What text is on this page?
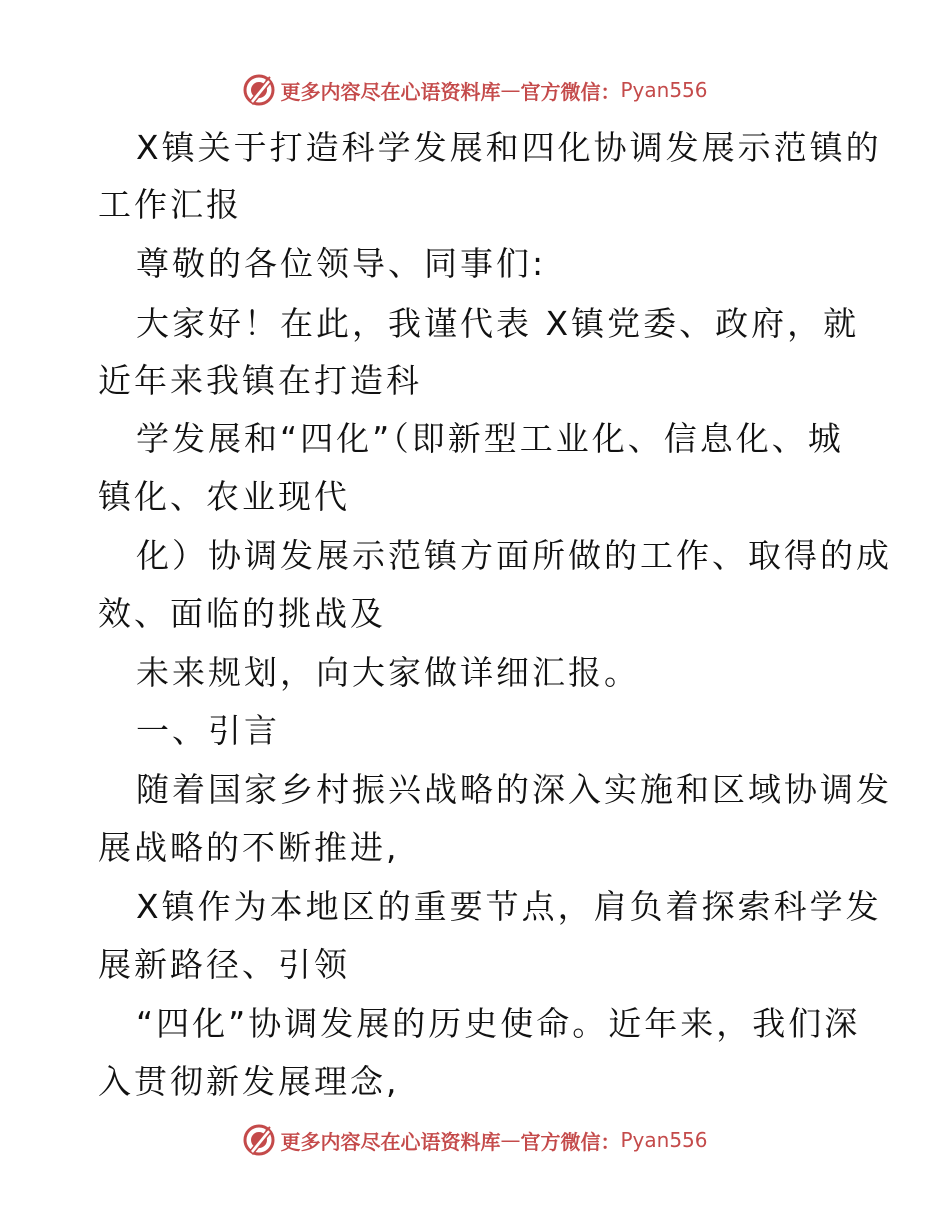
更多内容尽在心语资料库 — 官方微信： Pyan556
X镇关于打造科学发展和四化协调发展示范镇的
工作汇报
尊敬的各位领导、同事们:
大家好！在此，我谨代表 X镇党委、政府，就
近年来我镇在打造科
学发展和“四化”（即新型工业化、信息化、城
镇化、农业现代
化）协调发展示范镇方面所做的工作、取得的成
效、面临的挑战及
未来规划，向大家做详细汇报。
一、引言
随着国家乡村振兴战略的深入实施和区域协调发
展战略的不断推进,
X镇作为本地区的重要节点，肩负着探索科学发
展新路径、引领
“四化”协调发展的历史使命。近年来，我们深
入贯彻新发展理念,
更多内容尽在心语资料库 — 官方微信： Pyan556
